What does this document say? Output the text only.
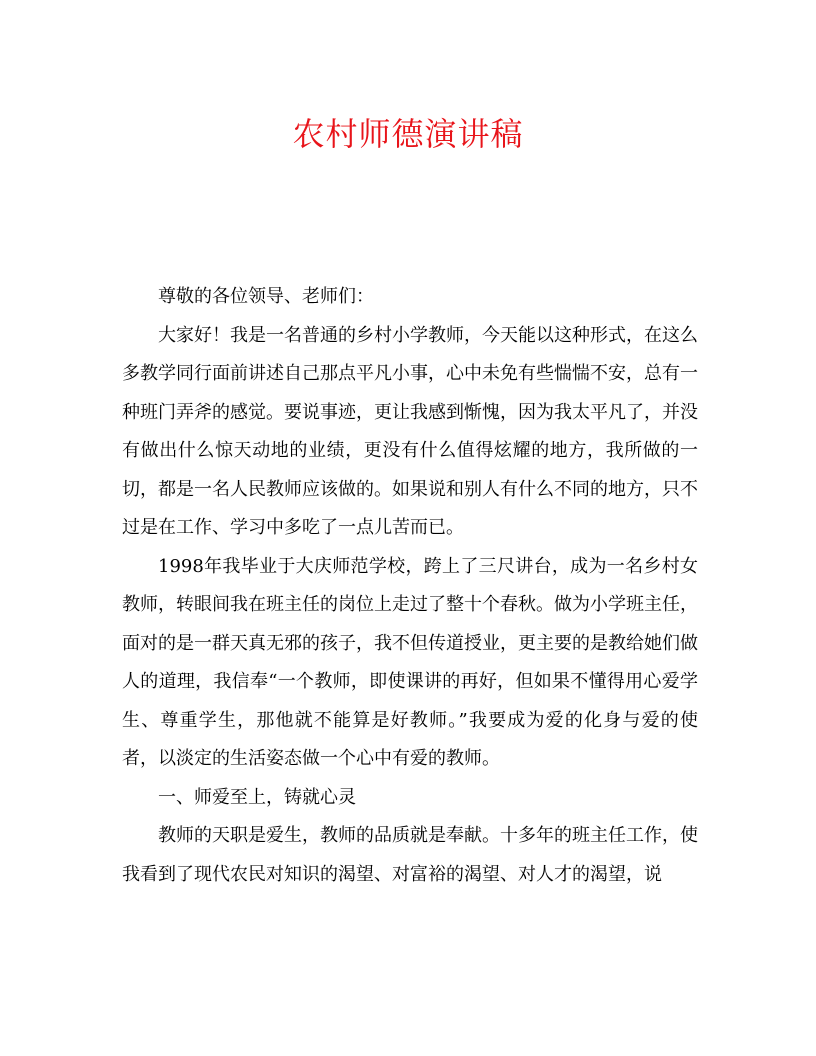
农村师德演讲稿

尊敬的各位领导、老师们：

大家好！我是一名普通的乡村小学教师，今天能以这种形式，在这么多教学同行面前讲述自己那点平凡小事，心中未免有些惴惴不安，总有一种班门弄斧的感觉。要说事迹，更让我感到惭愧，因为我太平凡了，并没有做出什么惊天动地的业绩，更没有什么值得炫耀的地方，我所做的一切，都是一名人民教师应该做的。如果说和别人有什么不同的地方，只不过是在工作、学习中多吃了一点儿苦而已。

1998年我毕业于大庆师范学校，跨上了三尺讲台，成为一名乡村女教师，转眼间我在班主任的岗位上走过了整十个春秋。做为小学班主任，面对的是一群天真无邪的孩子，我不但传道授业，更主要的是教给她们做人的道理，我信奉“一个教师，即使课讲的再好，但如果不懂得用心爱学生、尊重学生，那他就不能算是好教师。”我要成为爱的化身与爱的使者，以淡定的生活姿态做一个心中有爱的教师。

一、师爱至上，铸就心灵

教师的天职是爱生，教师的品质就是奉献。十多年的班主任工作，使我看到了现代农民对知识的渴望、对富裕的渴望、对人才的渴望，说
